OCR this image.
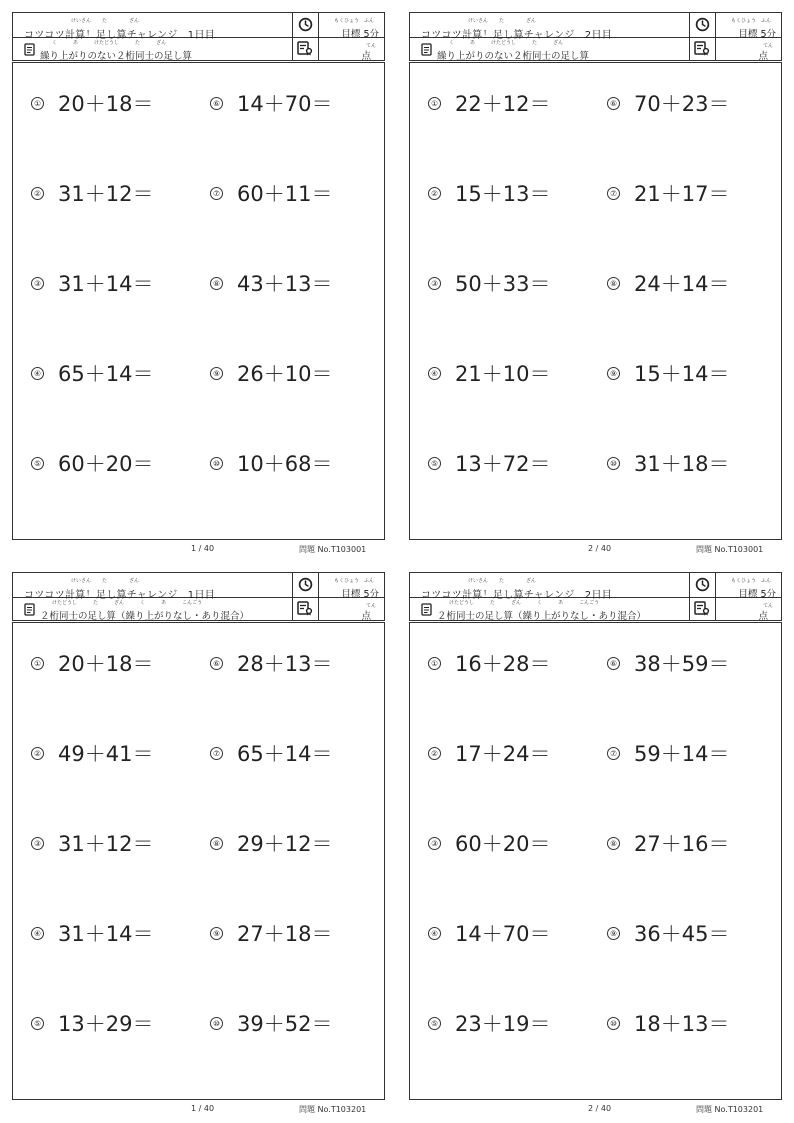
けいさん た	ざん
コツコツ計算！足し算チャレンジ　1日目
もくひょう　ふん
目標 5分
く	あ	けたどうし	た	ざん
繰り上がりのない２桁同士の足し算
てん
点
1 / 40	問題 No.T103001
① 20＋18＝
② 31＋12＝
③ 31＋14＝
④ 65＋14＝
⑤ 60＋20＝
⑥ 14＋70＝
⑦ 60＋11＝
⑧ 43＋13＝
⑨ 26＋10＝
⑩ 10＋68＝
けいさん た	ざん
コツコツ計算！足し算チャレンジ　2日目
もくひょう　ふん
目標 5分
く	あ	けたどうし	た	ざん
繰り上がりのない２桁同士の足し算
てん
点
2 / 40	問題 No.T103001
① 22＋12＝
② 15＋13＝
③ 50＋33＝
④ 21＋10＝
⑤ 13＋72＝
⑥ 70＋23＝
⑦ 21＋17＝
⑧ 24＋14＝
⑨ 15＋14＝
⑩ 31＋18＝
けいさん た	ざん
コツコツ計算！足し算チャレンジ　1日目
もくひょう　ふん
目標 5分
けたどうし	た	ざん	く	あ	こんごう
２桁同士の足し算（繰り上がりなし・あり混合）
てん
点
1 / 40	問題 No.T103201
① 20＋18＝
② 49＋41＝
③ 31＋12＝
④ 31＋14＝
⑤ 13＋29＝
⑥ 28＋13＝
⑦ 65＋14＝
⑧ 29＋12＝
⑨ 27＋18＝
⑩ 39＋52＝
けいさん た	ざん
コツコツ計算！足し算チャレンジ　2日目
もくひょう　ふん
目標 5分
けたどうし	た	ざん	く	あ	こんごう
２桁同士の足し算（繰り上がりなし・あり混合）
てん
点
2 / 40	問題 No.T103201
① 16＋28＝
② 17＋24＝
③ 60＋20＝
④ 14＋70＝
⑤ 23＋19＝
⑥ 38＋59＝
⑦ 59＋14＝
⑧ 27＋16＝
⑨ 36＋45＝
⑩ 18＋13＝
